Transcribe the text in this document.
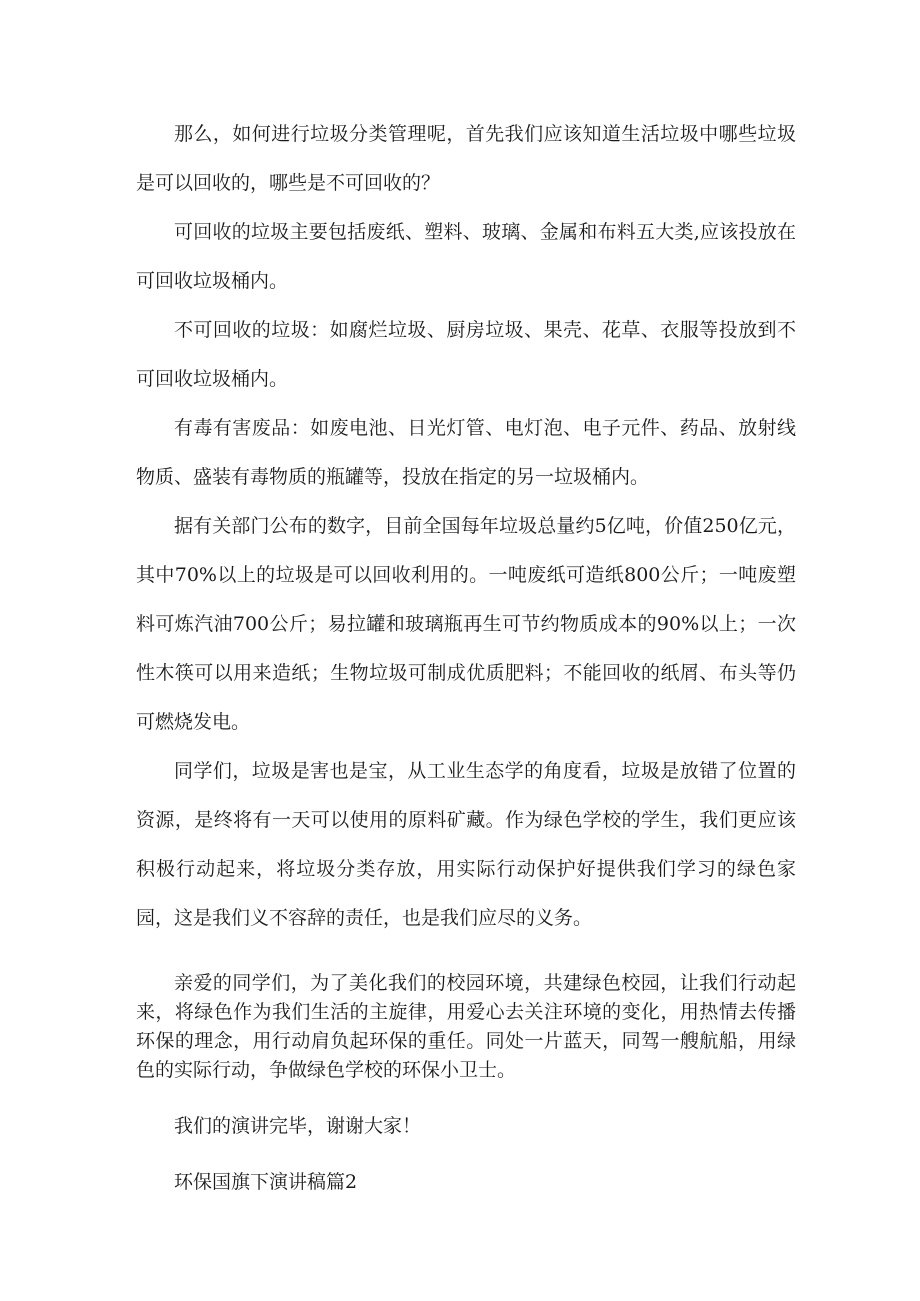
那么，如何进行垃圾分类管理呢，首先我们应该知道生活垃圾中哪些垃圾是可以回收的，哪些是不可回收的？

可回收的垃圾主要包括废纸、塑料、玻璃、金属和布料五大类,应该投放在可回收垃圾桶内。

不可回收的垃圾：如腐烂垃圾、厨房垃圾、果壳、花草、衣服等投放到不可回收垃圾桶内。

有毒有害废品：如废电池、日光灯管、电灯泡、电子元件、药品、放射线物质、盛装有毒物质的瓶罐等，投放在指定的另一垃圾桶内。

据有关部门公布的数字，目前全国每年垃圾总量约5亿吨，价值250亿元，其中70%以上的垃圾是可以回收利用的。一吨废纸可造纸800公斤；一吨废塑料可炼汽油700公斤；易拉罐和玻璃瓶再生可节约物质成本的90%以上；一次性木筷可以用来造纸；生物垃圾可制成优质肥料；不能回收的纸屑、布头等仍可燃烧发电。

同学们，垃圾是害也是宝，从工业生态学的角度看，垃圾是放错了位置的资源，是终将有一天可以使用的原料矿藏。作为绿色学校的学生，我们更应该积极行动起来，将垃圾分类存放，用实际行动保护好提供我们学习的绿色家园，这是我们义不容辞的责任，也是我们应尽的义务。

亲爱的同学们，为了美化我们的校园环境，共建绿色校园，让我们行动起来，将绿色作为我们生活的主旋律，用爱心去关注环境的变化，用热情去传播环保的理念，用行动肩负起环保的重任。同处一片蓝天，同驾一艘航船，用绿色的实际行动，争做绿色学校的环保小卫士。

我们的演讲完毕，谢谢大家！

环保国旗下演讲稿篇2
